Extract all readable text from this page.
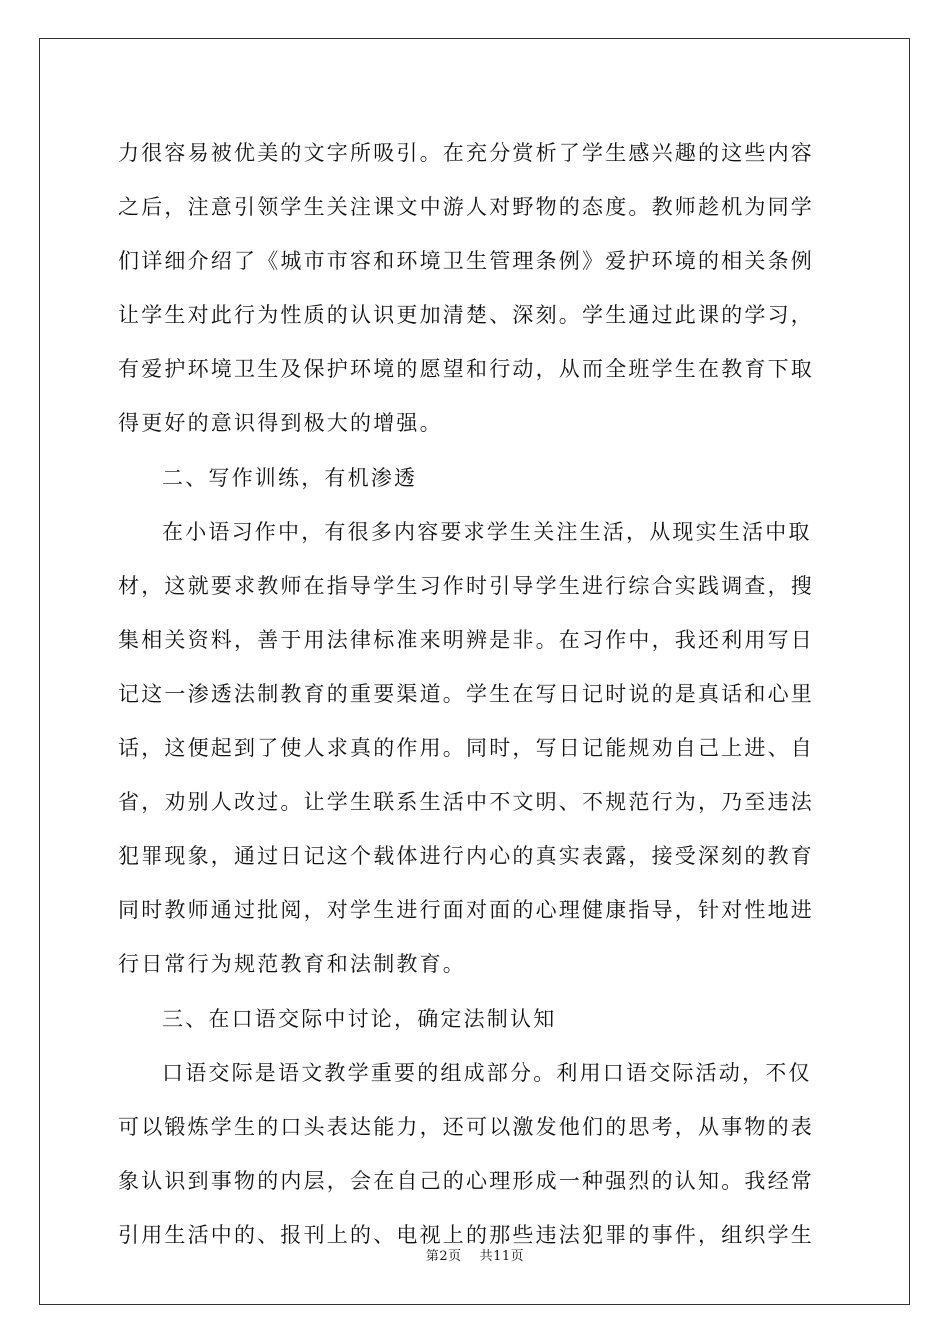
力很容易被优美的文字所吸引。在充分赏析了学生感兴趣的这些内容
之后，注意引领学生关注课文中游人对野物的态度。教师趁机为同学
们详细介绍了《城市市容和环境卫生管理条例》爱护环境的相关条例
让学生对此行为性质的认识更加清楚、深刻。学生通过此课的学习，
有爱护环境卫生及保护环境的愿望和行动，从而全班学生在教育下取
得更好的意识得到极大的增强。
二、写作训练，有机渗透
在小语习作中，有很多内容要求学生关注生活，从现实生活中取
材，这就要求教师在指导学生习作时引导学生进行综合实践调查，搜
集相关资料，善于用法律标准来明辨是非。在习作中，我还利用写日
记这一渗透法制教育的重要渠道。学生在写日记时说的是真话和心里
话，这便起到了使人求真的作用。同时，写日记能规劝自己上进、自
省，劝别人改过。让学生联系生活中不文明、不规范行为，乃至违法
犯罪现象，通过日记这个载体进行内心的真实表露，接受深刻的教育
同时教师通过批阅，对学生进行面对面的心理健康指导，针对性地进
行日常行为规范教育和法制教育。
三、在口语交际中讨论，确定法制认知
口语交际是语文教学重要的组成部分。利用口语交际活动，不仅
可以锻炼学生的口头表达能力，还可以激发他们的思考，从事物的表
象认识到事物的内层，会在自己的心理形成一种强烈的认知。我经常
引用生活中的、报刊上的、电视上的那些违法犯罪的事件，组织学生
第2页 共11页
